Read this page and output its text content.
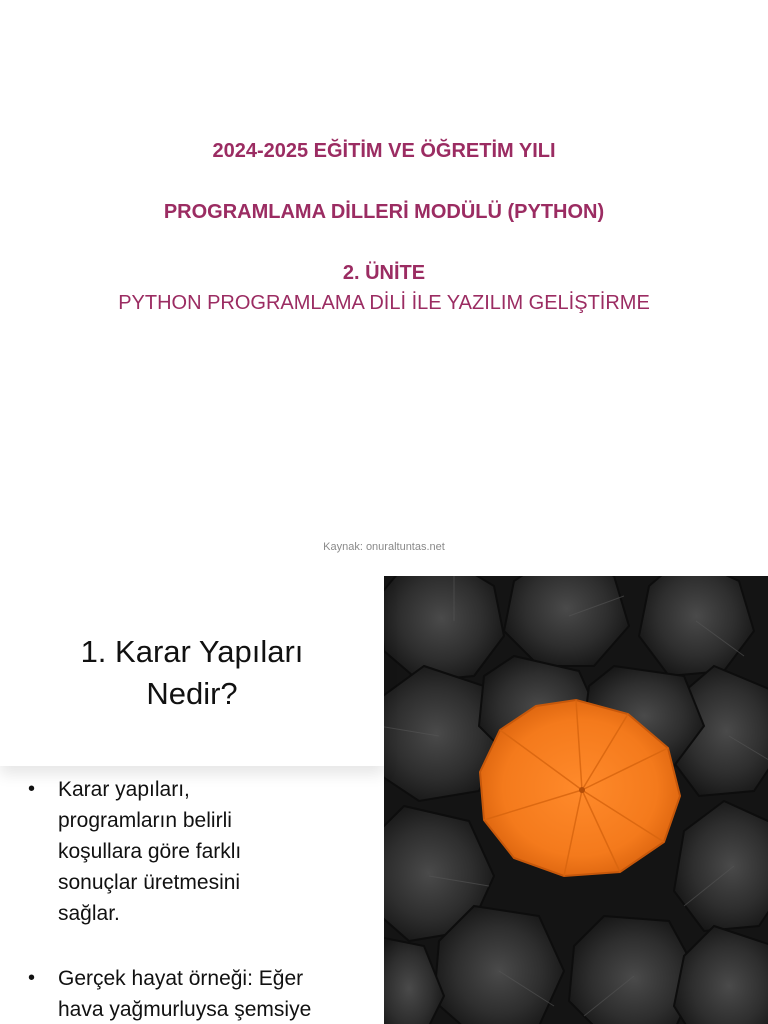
2024-2025 EĞİTİM VE ÖĞRETİM YILI
PROGRAMLAMA DİLLERİ MODÜLÜ (PYTHON)
2. ÜNİTE
PYTHON PROGRAMLAMA DİLİ İLE YAZILIM GELİŞTİRME
Kaynak: onuraltuntas.net
1. Karar Yapıları
Nedir?
•	Karar yapıları,
programların belirli
koşullara göre farklı
sonuçlar üretmesini
sağlar.
•	Gerçek hayat örneği: Eğer
hava yağmurluysa şemsiye
